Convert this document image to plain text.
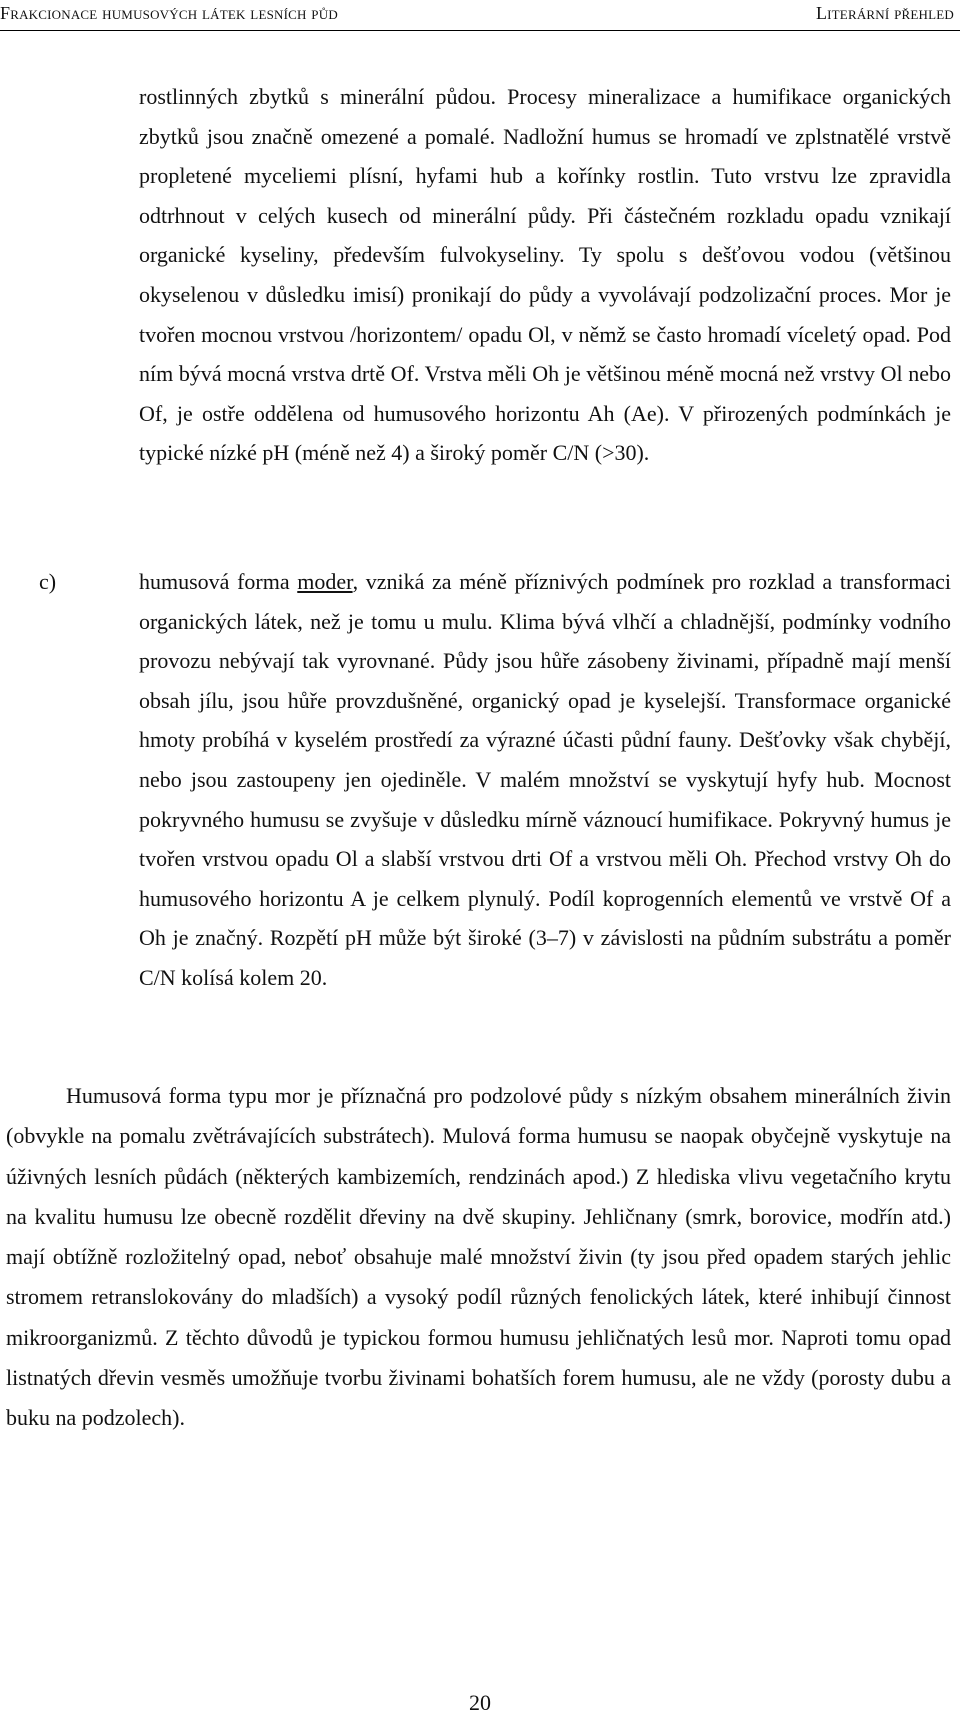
Frakcionace humusových látek lesních půd	Literární přehled
rostlinných zbytků s minerální půdou. Procesy mineralizace a humifikace organických zbytků jsou značně omezené a pomalé. Nadložní humus se hromadí ve zplstnatělé vrstvě propletené myceliemi plísní, hyfami hub a kořínky rostlin. Tuto vrstvu lze zpravidla odtrhnout v celých kusech od minerální půdy. Při částečném rozkladu opadu vznikají organické kyseliny, především fulvokyseliny. Ty spolu s dešťovou vodou (většinou okyselenou v důsledku imisí) pronikají do půdy a vyvolávají podzolizační proces. Mor je tvořen mocnou vrstvou /horizontem/ opadu Ol, v němž se často hromadí víceletý opad. Pod ním bývá mocná vrstva drtě Of. Vrstva měli Oh je většinou méně mocná než vrstvy Ol nebo Of, je ostře oddělena od humusového horizontu Ah (Ae). V přirozených podmínkách je typické nízké pH (méně než 4) a široký poměr C/N (>30).
c)	humusová forma moder, vzniká za méně příznivých podmínek pro rozklad a transformaci organických látek, než je tomu u mulu. Klima bývá vlhčí a chladnější, podmínky vodního provozu nebývají tak vyrovnané. Půdy jsou hůře zásobeny živinami, případně mají menší obsah jílu, jsou hůře provzdušněné, organický opad je kyselejší. Transformace organické hmoty probíhá v kyselém prostředí za výrazné účasti půdní fauny. Dešťovky však chybějí, nebo jsou zastoupeny jen ojediněle. V malém množství se vyskytují hyfy hub. Mocnost pokryvného humusu se zvyšuje v důsledku mírně váznoucí humifikace. Pokryvný humus je tvořen vrstvou opadu Ol a slabší vrstvou drti Of a vrstvou měli Oh. Přechod vrstvy Oh do humusového horizontu A je celkem plynulý. Podíl koprogenních elementů ve vrstvě Of a Oh je značný. Rozpětí pH může být široké (3–7) v závislosti na půdním substrátu a poměr C/N kolísá kolem 20.
Humusová forma typu mor je příznačná pro podzolové půdy s nízkým obsahem minerálních živin (obvykle na pomalu zvětrávajících substrátech). Mulová forma humusu se naopak obyčejně vyskytuje na úživných lesních půdách (některých kambizemích, rendzinách apod.) Z hlediska vlivu vegetačního krytu na kvalitu humusu lze obecně rozdělit dřeviny na dvě skupiny. Jehličnany (smrk, borovice, modřín atd.) mají obtížně rozložitelný opad, neboť obsahuje malé množství živin (ty jsou před opadem starých jehlic stromem retranslokovány do mladších) a vysoký podíl různých fenolických látek, které inhibují činnost mikroorganizmů. Z těchto důvodů je typickou formou humusu jehličnatých lesů mor. Naproti tomu opad listnatých dřevin vesměs umožňuje tvorbu živinami bohatších forem humusu, ale ne vždy (porosty dubu a buku na podzolech).
20
